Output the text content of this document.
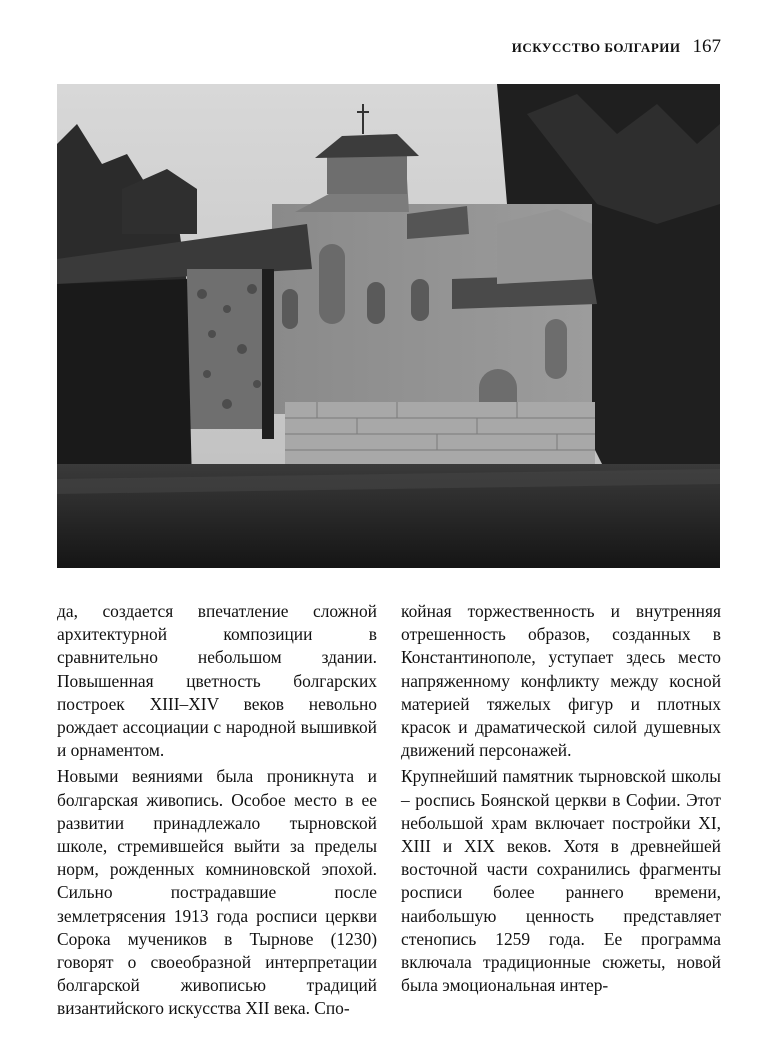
ИСКУССТВО БОЛГАРИИ 167

да, создается впечатление сложной архитектурной композиции в сравнительно небольшом здании. Повышенная цветность болгарских построек XIII–XIV веков невольно рождает ассоциации с народной вышивкой и орнаментом.

Новыми веяниями была проникнута и болгарская живопись. Особое место в ее развитии принадлежало тырновской школе, стремившейся выйти за пределы норм, рожденных комниновской эпохой. Сильно пострадавшие после землетрясения 1913 года росписи церкви Сорока мучеников в Тырнове (1230) говорят о своеобразной интерпретации болгарской живописью традиций византийского искусства XII века. Спо-

койная торжественность и внутренняя отрешенность образов, созданных в Константинополе, уступает здесь место напряженному конфликту между косной материей тяжелых фигур и плотных красок и драматической силой душевных движений персонажей.

Крупнейший памятник тырновской школы – роспись Боянской церкви в Софии. Этот небольшой храм включает постройки XI, XIII и XIX веков. Хотя в древнейшей восточной части сохранились фрагменты росписи более раннего времени, наибольшую ценность представляет стенопись 1259 года. Ее программа включала традиционные сюжеты, новой была эмоциональная интер-
